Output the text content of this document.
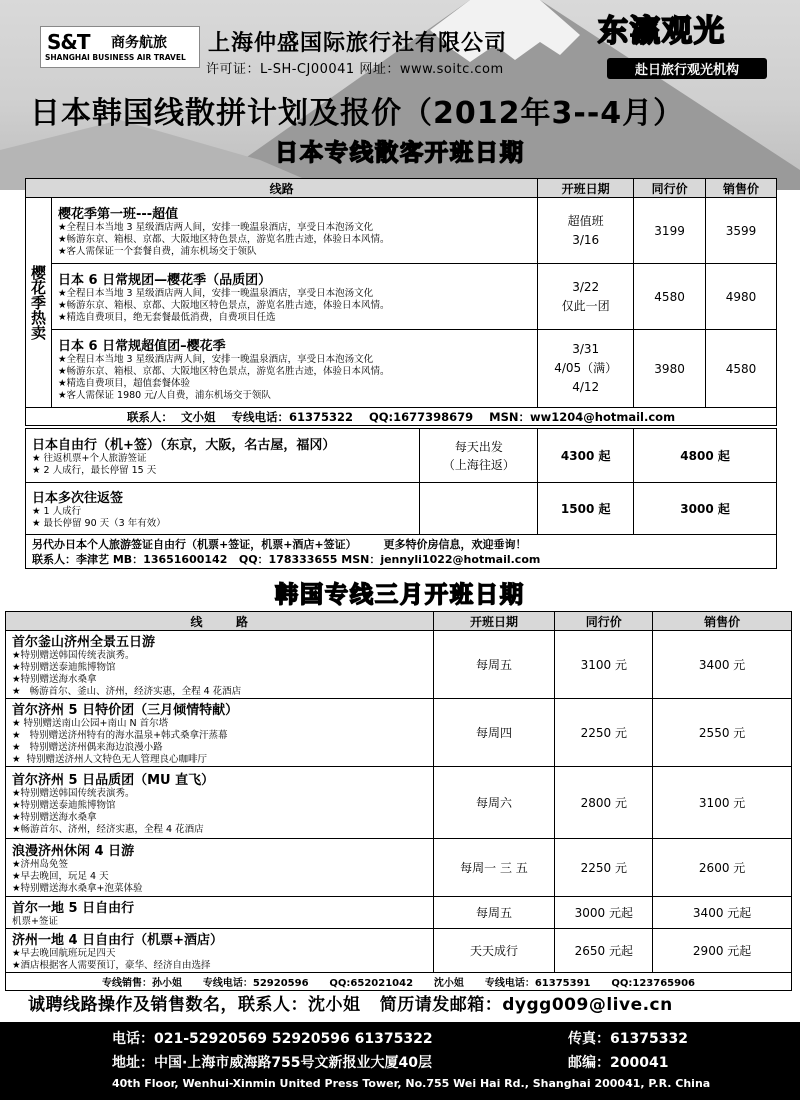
S&T 商务航旅
SHANGHAI BUSINESS AIR TRAVEL
上海仲盛国际旅行社有限公司
许可证：L-SH-CJ00041 网址：www.soitc.com
东瀛观光
赴日旅行观光机构
日本韩国线散拼计划及报价（2012年3--4月）
日本专线散客开班日期
线路		开班日期	同行价	销售价

樱花季热卖	樱花季第一班---超值
★全程日本当地 3 星级酒店两人间，安排一晚温泉酒店，享受日本泡汤文化
★畅游东京、箱根、京都、大阪地区特色景点，游览名胜古迹，体验日本风情。
★客人需保证一个套餐自费，浦东机场交于领队	超值班
3/16	3199	3599

	日本 6 日常规团—樱花季（品质团）
★全程日本当地 3 星级酒店两人间，安排一晚温泉酒店，享受日本泡汤文化
★畅游东京、箱根、京都、大阪地区特色景点，游览名胜古迹，体验日本风情。
★精选自费项目，绝无套餐最低消费，自费项目任选	3/22
仅此一团	4580	4980

	日本 6 日常规超值团–樱花季
★全程日本当地 3 星级酒店两人间，安排一晚温泉酒店，享受日本泡汤文化
★畅游东京、箱根、京都、大阪地区特色景点，游览名胜古迹，体验日本风情。
★精选自费项目，超值套餐体验
★客人需保证 1980 元/人自费，浦东机场交于领队	3/31
4/05（满）
4/12	3980	4580
联系人：  文小姐    专线电话：61375322    QQ:1677398679    MSN：ww1204@hotmail.com				
日本自由行（机+签）（东京，大阪，名古屋，福冈）
★ 往返机票+个人旅游签证
★ 2 人成行，最长停留 15 天	每天出发
（上海往返）	4300 起	4800 起

日本多次往返签
★ 1 人成行
★ 最长停留 90 天（3 年有效）		1500 起	3000 起

另代办日本个人旅游签证自由行（机票+签证，机票+酒店+签证）       更多特价房信息，欢迎垂询！
联系人：李津艺 MB：13651600142   QQ：178333655 MSN：jennyli1022@hotmail.com			
韩国专线三月开班日期
线        路	开班日期	同行价	销售价

首尔釜山济州全景五日游
★特别赠送韩国传统表演秀。
★特别赠送泰迪熊博物馆
★特别赠送海水桑拿
★   畅游首尔、釜山、济州，经济实惠，全程 4 花酒店	每周五	3100 元	3400 元

首尔济州 5 日特价团（三月倾情特献）
★ 特别赠送南山公园+南山 N 首尔塔
★   特别赠送济州特有的海水温泉+韩式桑拿汗蒸幕
★   特别赠送济州偶来海边浪漫小路
★  特别赠送济州人文特色无人管理良心咖啡厅	每周四	2250 元	2550 元

首尔济州 5 日品质团（MU 直飞）
★特别赠送韩国传统表演秀。
★特别赠送泰迪熊博物馆
★特别赠送海水桑拿
★畅游首尔、济州，经济实惠，全程 4 花酒店	每周六	2800 元	3100 元

浪漫济州休闲 4 日游
★济州岛免签
★早去晚回，玩足 4 天
★特别赠送海水桑拿+泡菜体验	每周一 三 五	2250 元	2600 元

首尔一地 5 日自由行
机票+签证	每周五	3000 元起	3400 元起

济州一地 4 日自由行（机票+酒店）
★早去晚回航班玩足四天
★酒店根据客人需要预订，豪华、经济自由选择	天天成行	2650 元起	2900 元起
专线销售：孙小姐      专线电话：52920596      QQ:652021042      沈小姐      专线电话：61375391      QQ:123765906			
诚聘线路操作及销售数名，联系人：沈小姐   简历请发邮箱：dygg009@live.cn
电话：021-52920569 52920596 61375322	传真：61375332
地址：中国·上海市威海路755号文新报业大厦40层	邮编：200041
40th Floor, Wenhui-Xinmin United Press Tower, No.755 Wei Hai Rd., Shanghai 200041, P.R. China
